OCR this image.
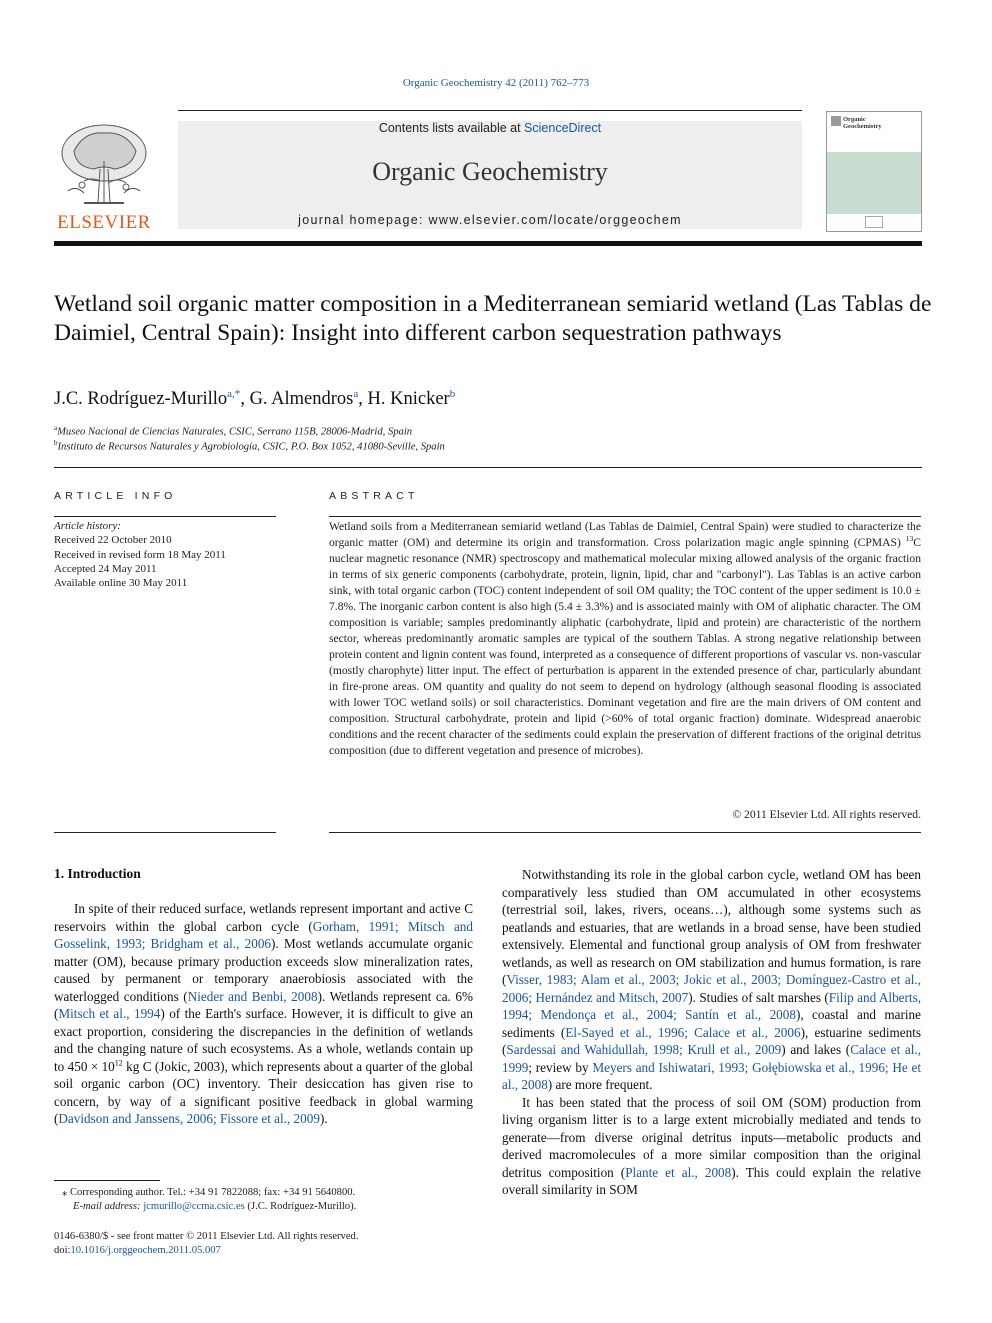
Organic Geochemistry 42 (2011) 762–773
ELSEVIER
Contents lists available at ScienceDirect
Organic Geochemistry
journal homepage: www.elsevier.com/locate/orggeochem
Organic
Geochemistry
Wetland soil organic matter composition in a Mediterranean semiarid wetland (Las Tablas de Daimiel, Central Spain): Insight into different carbon sequestration pathways
J.C. Rodríguez-Murillo$^{a,*}$, G. Almendros$^a$, H. Knicker$^b$
$^a$Museo Nacional de Ciencias Naturales, CSIC, Serrano 115B, 28006-Madrid, Spain
$^b$Instituto de Recursos Naturales y Agrobiología, CSIC, P.O. Box 1052, 41080-Seville, Spain
ARTICLE INFO
Article history:
Received 22 October 2010
Received in revised form 18 May 2011
Accepted 24 May 2011
Available online 30 May 2011
ABSTRACT
Wetland soils from a Mediterranean semiarid wetland (Las Tablas de Daimiel, Central Spain) were studied to characterize the organic matter (OM) and determine its origin and transformation. Cross polarization magic angle spinning (CPMAS) $^{13}$C nuclear magnetic resonance (NMR) spectroscopy and mathematical molecular mixing allowed analysis of the organic fraction in terms of six generic components (carbohydrate, protein, lignin, lipid, char and "carbonyl"). Las Tablas is an active carbon sink, with total organic carbon (TOC) content independent of soil OM quality; the TOC content of the upper sediment is 10.0 ± 7.8%. The inorganic carbon content is also high (5.4 ± 3.3%) and is associated mainly with OM of aliphatic character. The OM composition is variable; samples predominantly aliphatic (carbohydrate, lipid and protein) are characteristic of the northern sector, whereas predominantly aromatic samples are typical of the southern Tablas. A strong negative relationship between protein content and lignin content was found, interpreted as a consequence of different proportions of vascular vs. non-vascular (mostly charophyte) litter input. The effect of perturbation is apparent in the extended presence of char, particularly abundant in fire-prone areas. OM quantity and quality do not seem to depend on hydrology (although seasonal flooding is associated with lower TOC wetland soils) or soil characteristics. Dominant vegetation and fire are the main drivers of OM content and composition. Structural carbohydrate, protein and lipid (>60% of total organic fraction) dominate. Widespread anaerobic conditions and the recent character of the sediments could explain the preservation of different fractions of the original detritus composition (due to different vegetation and presence of microbes).
© 2011 Elsevier Ltd. All rights reserved.
1. Introduction

In spite of their reduced surface, wetlands represent important and active C reservoirs within the global carbon cycle (Gorham, 1991; Mitsch and Gosselink, 1993; Bridgham et al., 2006). Most wetlands accumulate organic matter (OM), because primary production exceeds slow mineralization rates, caused by permanent or temporary anaerobiosis associated with the waterlogged conditions (Nieder and Benbi, 2008). Wetlands represent ca. 6% (Mitsch et al., 1994) of the Earth's surface. However, it is difficult to give an exact proportion, considering the discrepancies in the definition of wetlands and the changing nature of such ecosystems. As a whole, wetlands contain up to $450 \times 10^{12}$ kg C (Jokic, 2003), which represents about a quarter of the global soil organic carbon (OC) inventory. Their desiccation has given rise to concern, by way of a significant positive feedback in global warming (Davidson and Janssens, 2006; Fissore et al., 2009).

Notwithstanding its role in the global carbon cycle, wetland OM has been comparatively less studied than OM accumulated in other ecosystems (terrestrial soil, lakes, rivers, oceans…), although some systems such as peatlands and estuaries, that are wetlands in a broad sense, have been studied extensively. Elemental and functional group analysis of OM from freshwater wetlands, as well as research on OM stabilization and humus formation, is rare (Visser, 1983; Alam et al., 2003; Jokic et al., 2003; Domínguez-Castro et al., 2006; Hernández and Mitsch, 2007). Studies of salt marshes (Filip and Alberts, 1994; Mendonça et al., 2004; Santín et al., 2008), coastal and marine sediments (El-Sayed et al., 1996; Calace et al., 2006), estuarine sediments (Sardessai and Wahidullah, 1998; Krull et al., 2009) and lakes (Calace et al., 1999; review by Meyers and Ishiwatari, 1993; Gołębiowska et al., 1996; He et al., 2008) are more frequent.

It has been stated that the process of soil OM (SOM) production from living organism litter is to a large extent microbially mediated and tends to generate—from diverse original detritus inputs—metabolic products and derived macromolecules of a more similar composition than the original detritus composition (Plante et al., 2008). This could explain the relative overall similarity in SOM

⁎ Corresponding author. Tel.: +34 91 7822088; fax: +34 91 5640800.
E-mail address: jcmurillo@ccma.csic.es (J.C. Rodríguez-Murillo).
0146-6380/$ - see front matter © 2011 Elsevier Ltd. All rights reserved.
doi:10.1016/j.orggeochem.2011.05.007
